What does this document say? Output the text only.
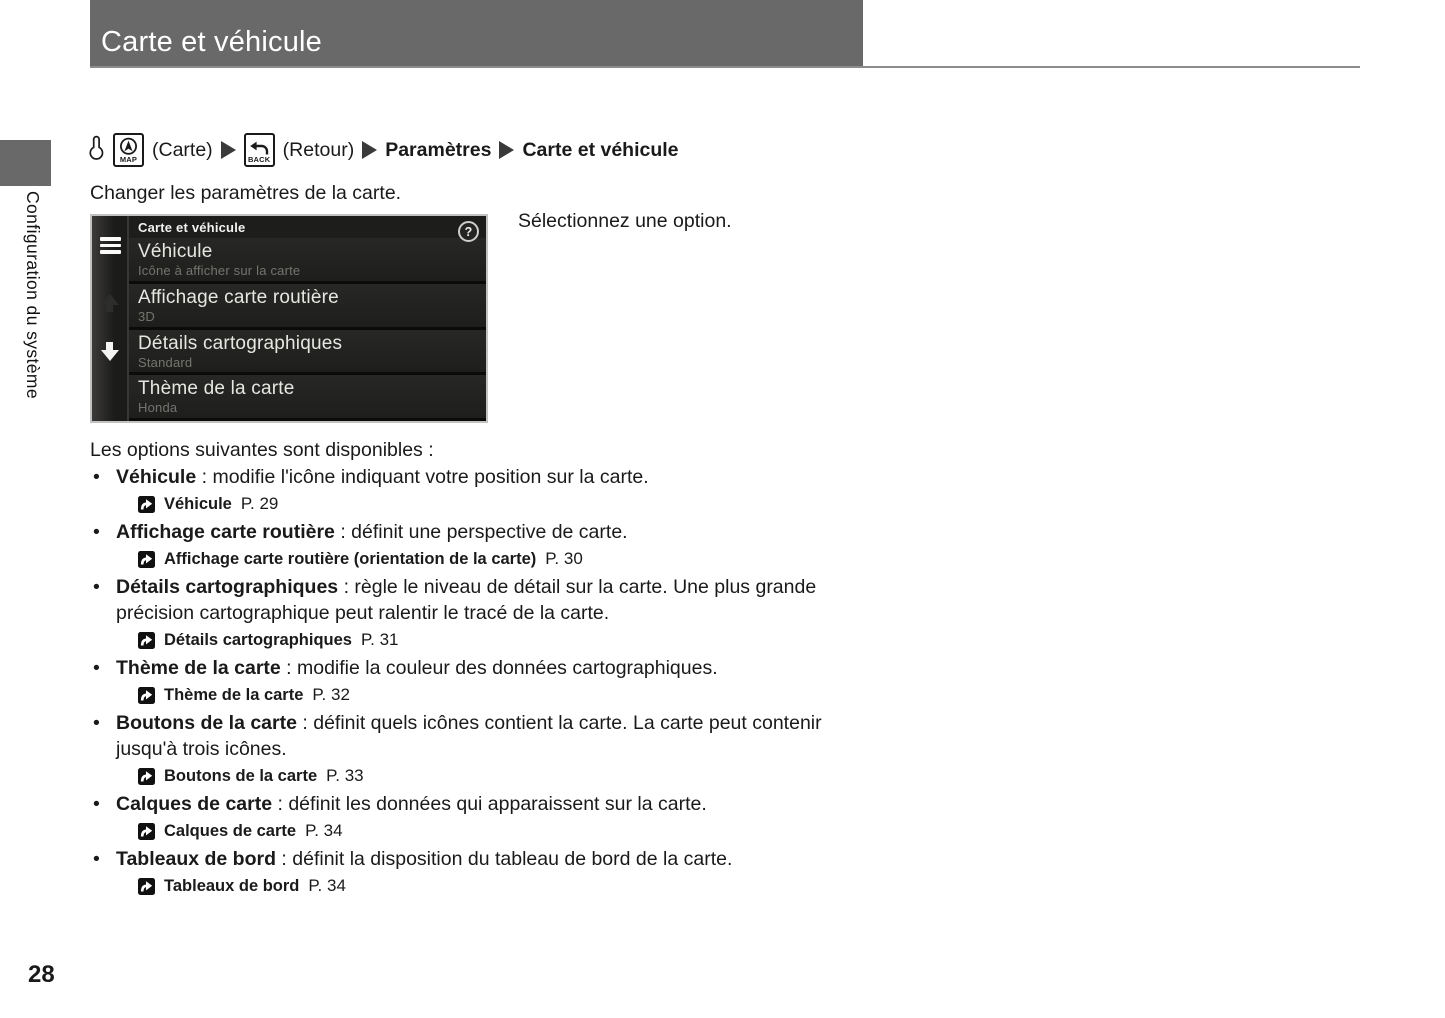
Carte et véhicule
Configuration du système
MAP (Carte)	BACK (Retour) Paramètres Carte et véhicule
Changer les paramètres de la carte.
Carte et véhicule	?
Véhicule
Icône à afficher sur la carte
Affichage carte routière
3D
Détails cartographiques
Standard
Thème de la carte
Honda
Sélectionnez une option.
Les options suivantes sont disponibles :
• Véhicule : modifie l'icône indiquant votre position sur la carte.
Véhicule P. 29
• Affichage carte routière : définit une perspective de carte.
Affichage carte routière (orientation de la carte) P. 30
• Détails cartographiques : règle le niveau de détail sur la carte. Une plus grande précision cartographique peut ralentir le tracé de la carte.
Détails cartographiques P. 31
• Thème de la carte : modifie la couleur des données cartographiques.
Thème de la carte P. 32
• Boutons de la carte : définit quels icônes contient la carte. La carte peut contenir jusqu'à trois icônes.
Boutons de la carte P. 33
• Calques de carte : définit les données qui apparaissent sur la carte.
Calques de carte P. 34
• Tableaux de bord : définit la disposition du tableau de bord de la carte.
Tableaux de bord P. 34
28
